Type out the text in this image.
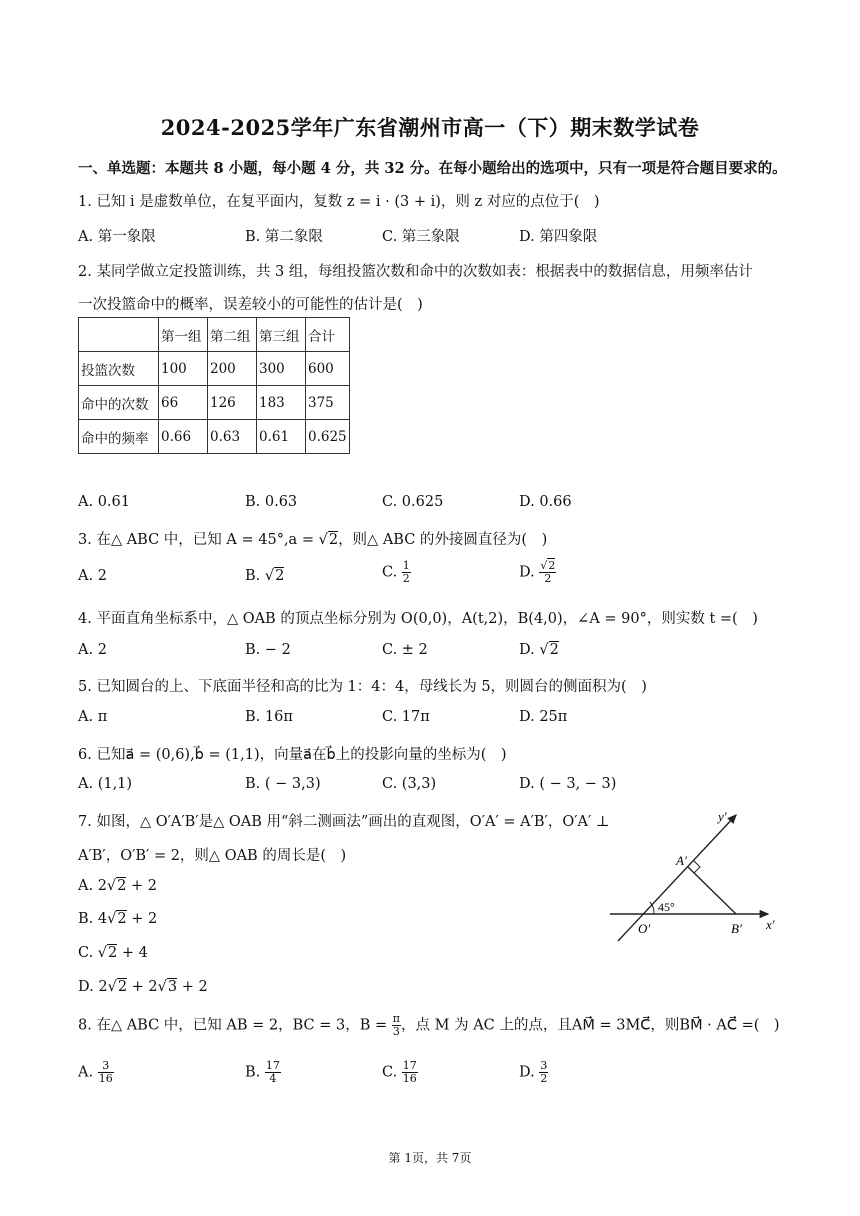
2024-2025学年广东省潮州市高一（下）期末数学试卷
一、单选题：本题共 8 小题，每小题 4 分，共 32 分。在每小题给出的选项中，只有一项是符合题目要求的。
1. 已知 i 是虚数单位，在复平面内，复数 z = i · (3 + i)，则 z 对应的点位于(　)
A. 第一象限	B. 第二象限	C. 第三象限	D. 第四象限
2. 某同学做立定投篮训练，共 3 组，每组投篮次数和命中的次数如表：根据表中的数据信息，用频率估计
一次投篮命中的概率，误差较小的可能性的估计是(　)
	第一组	第二组	第三组	合计
投篮次数	100	200	300	600
命中的次数	66	126	183	375
命中的频率	0.66	0.63	0.61	0.625
A. 0.61	B. 0.63	C. 0.625	D. 0.66
3. 在△ ABC 中，已知 A = 45°,a = √2，则△ ABC 的外接圆直径为(　)
A. 2	B. √2	C. $\frac{1}{2}$	D. $\frac{√2}{2}$
4. 平面直角坐标系中，△ OAB 的顶点坐标分别为 O(0,0)，A(t,2)，B(4,0)，∠A = 90°，则实数 t =(　)
A. 2	B. − 2	C. ± 2	D. √2
5. 已知圆台的上、下底面半径和高的比为 1：4：4，母线长为 5，则圆台的侧面积为(　)
A. π	B. 16π	C. 17π	D. 25π
6. 已知a⃗ = (0,6),b⃗ = (1,1)，向量a⃗在b⃗上的投影向量的坐标为(　)
A. (1,1)	B. ( − 3,3)	C. (3,3)	D. ( − 3, − 3)
7. 如图，△ O′A′B′是△ OAB 用“斜二测画法”画出的直观图，O′A′ = A′B′，O′A′ ⊥
A′B′，O′B′ = 2，则△ OAB 的周长是(　)
A. 2√2 + 2
B. 4√2 + 2
C. √2 + 4
D. 2√2 + 2√3 + 2
y′
x′
A′
O′	B′
45°
8. 在△ ABC 中，已知 AB = 2，BC = 3，$B = \frac{\pi}{3}$ ，点 M 为 AC 上的点，且AM⃗⃗ = 3MC⃗⃗，则BM⃗⃗ · AC⃗⃗ =(　)
A. $\frac{3}{16}$	B. $\frac{17}{4}$	C. $\frac{17}{16}$	D. $\frac{3}{2}$
第 1页，共 7页
